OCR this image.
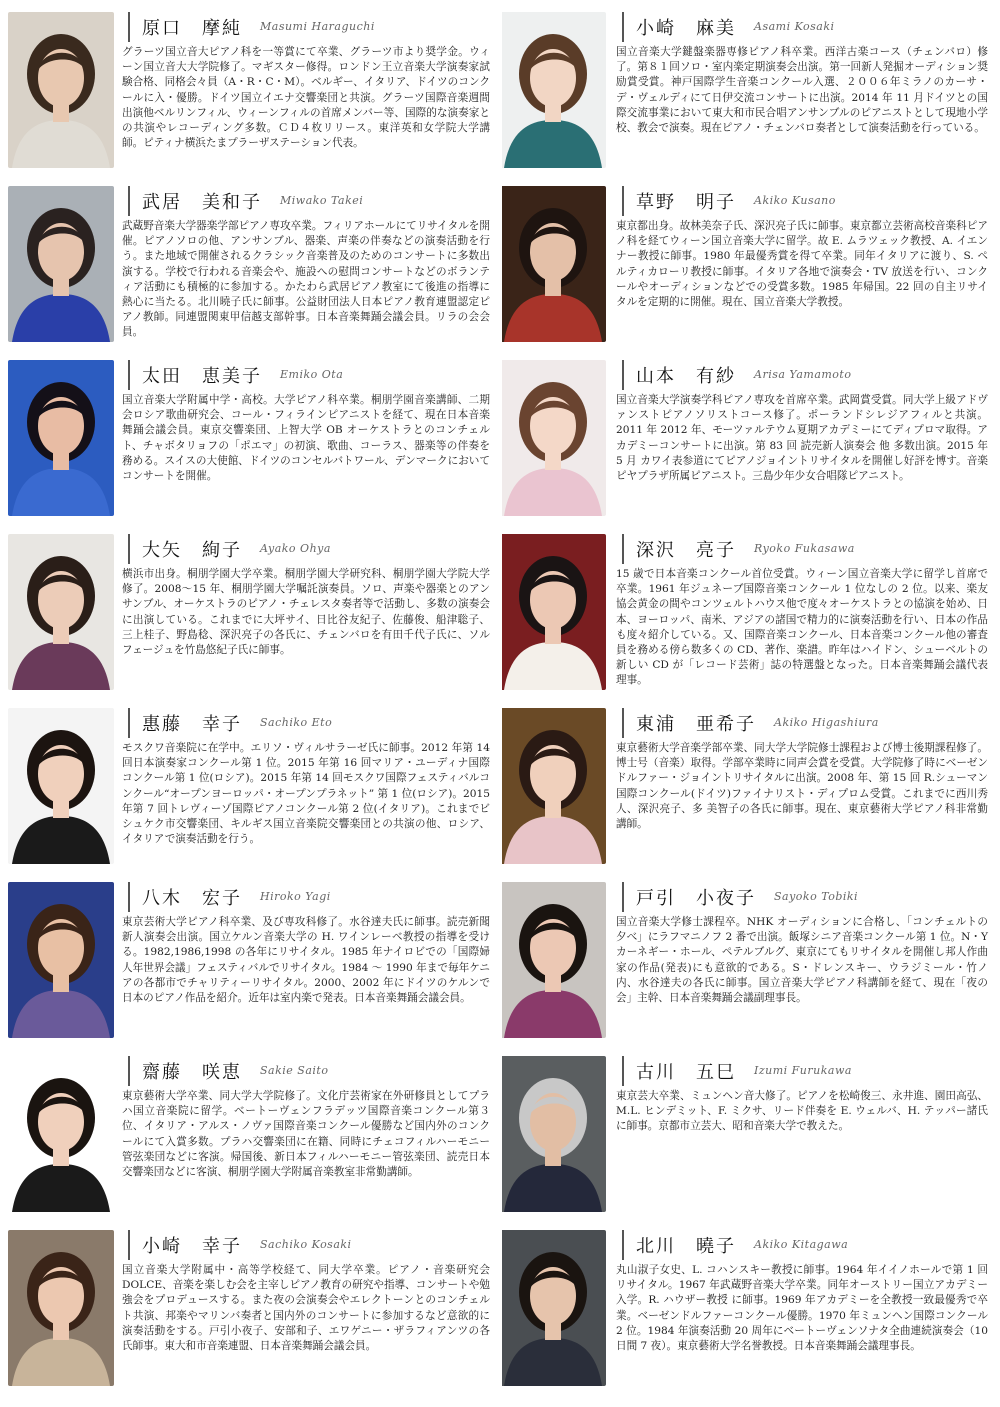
原口　摩純 Masumi Haraguchi
グラーツ国立音大ピアノ科を一等賞にて卒業、グラーツ市より奨学金。ウィーン国立音大大学院修了。マギスター修得。ロンドン王立音楽大学演奏家試験合格、同格会々員（A・R・C・M）。ベルギー、イタリア、ドイツのコンクールに入・優勝。ドイツ国立イエナ交響楽団と共演。グラーツ国際音楽週間出演他ベルリンフィル、ウィーンフィルの首席メンバー等、国際的な演奏家との共演やレコーディング多数。ＣＤ４枚リリース。東洋英和女学院大学講師。ピティナ横浜たまプラーザステーション代表。
小崎　麻美 Asami Kosaki
国立音楽大学鍵盤楽器専修ピアノ科卒業。西洋古楽コース（チェンバロ）修了。第８１回ソロ・室内楽定期演奏会出演。第一回新人発掘オーディション奨励賞受賞。神戸国際学生音楽コンクール入選、２００６年ミラノのカーサ・デ・ヴェルディにて日伊交流コンサートに出演。2014 年 11 月ドイツとの国際交流事業において東大和市民合唱アンサンブルのピアニストとして現地小学校、教会で演奏。現在ピアノ・チェンバロ奏者として演奏活動を行っている。
武居　美和子 Miwako Takei
武蔵野音楽大学器楽学部ピアノ専攻卒業。フィリアホールにてリサイタルを開催。ピアノソロの他、アンサンブル、器楽、声楽の伴奏などの演奏活動を行う。また地域で開催されるクラシック音楽普及のためのコンサートに多数出演する。学校で行われる音楽会や、施設への慰問コンサートなどのボランティア活動にも積極的に参加する。かたわら武居ピアノ教室にて後進の指導に熱心に当たる。北川曉子氏に師事。公益財団法人日本ピアノ教育連盟認定ピアノ教師。同連盟関東甲信越支部幹事。日本音楽舞踊会議会員。リラの会会員。
草野　明子 Akiko Kusano
東京都出身。故林美奈子氏、深沢亮子氏に師事。東京都立芸術高校音楽科ピアノ科を経てウィーン国立音楽大学に留学。故 E. ムラツェック教授、A. イエンナー教授に師事。1980 年最優秀賞を得て卒業。同年イタリアに渡り、S. ペルティカローリ教授に師事。イタリア各地で演奏会・TV 放送を行い、コンクールやオーディションなどでの受賞多数。1985 年帰国。22 回の自主リサイタルを定期的に開催。現在、国立音楽大学教授。
太田　恵美子 Emiko Ota
国立音楽大学附属中学・高校。大学ピアノ科卒業。桐朋学園音楽講師、二期会ロシア歌曲研究会、コール・フィラインピアニストを経て、現在日本音楽舞踊会議会員。東京交響楽団、上智大学 OB オーケストラとのコンチェルト、チャボタリョフの「ポエマ」の初演、歌曲、コーラス、器楽等の伴奏を務める。スイスの大使館、ドイツのコンセルバトワール、デンマークにおいてコンサートを開催。
山本　有紗 Arisa Yamamoto
国立音楽大学演奏学科ピアノ専攻を首席卒業。武岡賞受賞。同大学上級アドヴァンストピアノソリストコース修了。ポーランドシレジアフィルと共演。2011 年 2012 年、モーツァルテウム夏期アカデミーにてディプロマ取得。アカデミーコンサートに出演。第 83 回 読売新人演奏会 他 多数出演。2015 年 5 月 カワイ表参道にてピアノジョイントリサイタルを開催し好評を博す。音楽ピヤプラザ所属ピアニスト。三島少年少女合唱隊ピアニスト。
大矢　絢子 Ayako Ohya
横浜市出身。桐朋学園大学卒業。桐朋学園大学研究科、桐朋学園大学院大学修了。2008～15 年、桐朋学園大学嘱託演奏員。ソロ、声楽や器楽とのアンサンブル、オーケストラのピアノ・チェレスタ奏者等で活動し、多数の演奏会に出演している。これまでに大坪サイ、日比谷友紀子、佐藤俊、船津聡子、三上桂子、野島稔、深沢亮子の各氏に、チェンバロを有田千代子氏に、ソルフェージュを竹島悠紀子氏に師事。
深沢　亮子 Ryoko Fukasawa
15 歳で日本音楽コンクール首位受賞。ウィーン国立音楽大学に留学し首席で卒業。1961 年ジュネーブ国際音楽コンクール 1 位なしの 2 位。以来、楽友協会黄金の間やコンツェルトハウス他で度々オーケストラとの協演を始め、日本、ヨーロッパ、南米、アジアの諸国で精力的に演奏活動を行い、日本の作品も度々紹介している。又、国際音楽コンクール、日本音楽コンクール他の審査員を務める傍ら数多くの CD、著作、楽譜。昨年はハイドン、シューベルトの新しい CD が「レコード芸術」誌の特選盤となった。日本音楽舞踊会議代表理事。
惠藤　幸子 Sachiko Eto
モスクワ音楽院に在学中。エリソ・ヴィルサラーゼ氏に師事。2012 年第 14 回日本演奏家コンクール第 1 位。2015 年第 16 回マリア・ユーディナ国際コンクール第 1 位(ロシア)。2015 年第 14 回モスクワ国際フェスティバルコンクール“オープンヨーロッパ・オープンプラネット” 第 1 位(ロシア)。2015 年第 7 回トレヴィーゾ国際ピアノコンクール第 2 位(イタリア)。これまでビシュケク市交響楽団、キルギス国立音楽院交響楽団との共演の他、ロシア、イタリアで演奏活動を行う。
東浦　亜希子 Akiko Higashiura
東京藝術大学音楽学部卒業、同大学大学院修士課程および博士後期課程修了。博士号（音楽）取得。学部卒業時に同声会賞を受賞。大学院修了時にベーゼンドルファー・ジョイントリサイタルに出演。2008 年、第 15 回 R.シューマン国際コンクール(ドイツ)ファイナリスト・ディプロム受賞。これまでに西川秀人、深沢亮子、多 美智子の各氏に師事。現在、東京藝術大学ピアノ科非常勤講師。
八木　宏子 Hiroko Yagi
東京芸術大学ピアノ科卒業、及び専攻科修了。水谷達夫氏に師事。読売新聞新人演奏会出演。国立ケルン音楽大学の H. ワインレーベ教授の指導を受ける。1982,1986,1998 の各年にリサイタル。1985 年ナイロビでの「国際婦人年世界会議」フェスティバルでリサイタル。1984 ～ 1990 年まで毎年ケニアの各都市でチャリティーリサイタル。2000、2002 年にドイツのケルンで日本のピアノ作品を紹介。近年は室内楽で発表。日本音楽舞踊会議会員。
戸引　小夜子 Sayoko Tobiki
国立音楽大学修士課程卒。NHK オーディションに合格し、「コンチェルトの夕べ」にラフマニノフ 2 番で出演。飯塚シニア音楽コンクール第 1 位。N・Y カーネギー・ホール、ペテルブルグ、東京にてもリサイタルを開催し邦人作曲家の作品(発表)にも意欲的である。S・ドレンスキー、ウラジミール・竹ノ内、水谷達夫の各氏に師事。国立音楽大学ピアノ科講師を経て、現在「夜の会」主幹、日本音楽舞踊会議副理事長。
齋藤　咲恵 Sakie Saito
東京藝術大学卒業、同大学大学院修了。文化庁芸術家在外研修員としてプラハ国立音楽院に留学。ベートーヴェンフラデッツ国際音楽コンクール第３位、イタリア・アルス・ノヴァ国際音楽コンクール優勝など国内外のコンクールにて入賞多数。プラハ交響楽団に在籍、同時にチェコフィルハーモニー管弦楽団などに客演。帰国後、新日本フィルハーモニー管弦楽団、読売日本交響楽団などに客演、桐朋学園大学附属音楽教室非常勤講師。
古川　五巳 Izumi Furukawa
東京芸大卒業、ミュンヘン音大修了。ピアノを松崎俊三、永井進、園田高弘、M.L. ヒンデミット、F. ミクサ、リード伴奏を E. ウェルバ、H. テッパー諸氏に師事。京都市立芸大、昭和音楽大学で教えた。
小崎　幸子 Sachiko Kosaki
国立音楽大学附属中・高等学校経て、同大学卒業。ピアノ・音楽研究会 DOLCE、音楽を楽しむ会を主宰しピアノ教育の研究や指導、コンサートや勉強会をプロデュースする。また夜の会演奏会やエレクトーンとのコンチェルト共演、邦楽やマリンバ奏者と国内外のコンサートに参加するなど意欲的に演奏活動をする。戸引小夜子、安部和子、エワゲニー・ザラフィアンツの各氏師事。東大和市音楽連盟、日本音楽舞踊会議会員。
北川　曉子 Akiko Kitagawa
丸山淑子女史、L. コハンスキー教授に師事。1964 年イイノホールで第 1 回リサイタル。1967 年武蔵野音楽大学卒業。同年オーストリー国立アカデミー入学。R. ハウザー教授 に師事。1969 年アカデミーを全教授一致最優秀で卒業。ベーゼンドルファーコンクール優勝。1970 年ミュンヘン国際コンクール 2 位。1984 年演奏活動 20 周年にベートーヴェンソナタ全曲連続演奏会（10 日間 7 夜）。東京藝術大学名誉教授。日本音楽舞踊会議理事長。
